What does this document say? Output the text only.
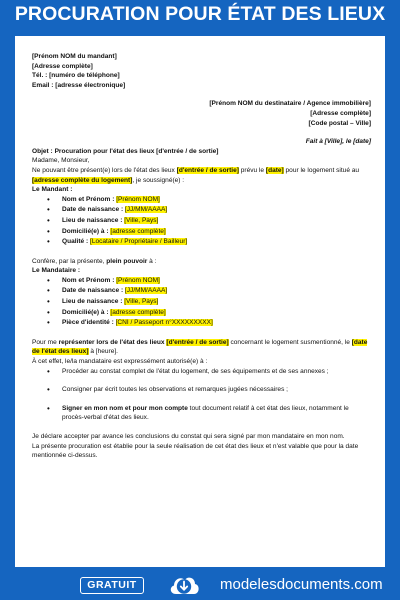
PROCURATION POUR ÉTAT DES LIEUX

[Prénom NOM du mandant]

[Adresse complète]

Tél. : [numéro de téléphone]

Email : [adresse électronique]

[Prénom NOM du destinataire / Agence immobilière]

[Adresse complète]

[Code postal – Ville]

Fait à [Ville], le [date]

Objet : Procuration pour l'état des lieux [d'entrée / de sortie]

Madame, Monsieur,

Ne pouvant être présent(e) lors de l'état des lieux [d'entrée / de sortie] prévu le [date] pour le logement situé au [adresse complète du logement], je soussigné(e) :

Le Mandant :

• Nom et Prénom : [Prénom NOM]
• Date de naissance : [JJ/MM/AAAA]
• Lieu de naissance : [Ville, Pays]
• Domicilié(e) à : [adresse complète]
• Qualité : [Locataire / Propriétaire / Bailleur]

Confère, par la présente, plein pouvoir à :

Le Mandataire :

• Nom et Prénom : [Prénom NOM]
• Date de naissance : [JJ/MM/AAAA]
• Lieu de naissance : [Ville, Pays]
• Domicilié(e) à : [adresse complète]
• Pièce d'identité : [CNI / Passeport n°XXXXXXXXX]

Pour me représenter lors de l'état des lieux [d'entrée / de sortie] concernant le logement susmentionné, le [date de l'état des lieux] à [heure].

À cet effet, le/la mandataire est expressément autorisé(e) à :

• Procéder au constat complet de l'état du logement, de ses équipements et de ses annexes ;
• Consigner par écrit toutes les observations et remarques jugées nécessaires ;
• Signer en mon nom et pour mon compte tout document relatif à cet état des lieux, notamment le procès-verbal d'état des lieux.

Je déclare accepter par avance les conclusions du constat qui sera signé par mon mandataire en mon nom.

La présente procuration est établie pour la seule réalisation de cet état des lieux et n'est valable que pour la date mentionnée ci-dessus.

GRATUIT	modelesdocuments.com
